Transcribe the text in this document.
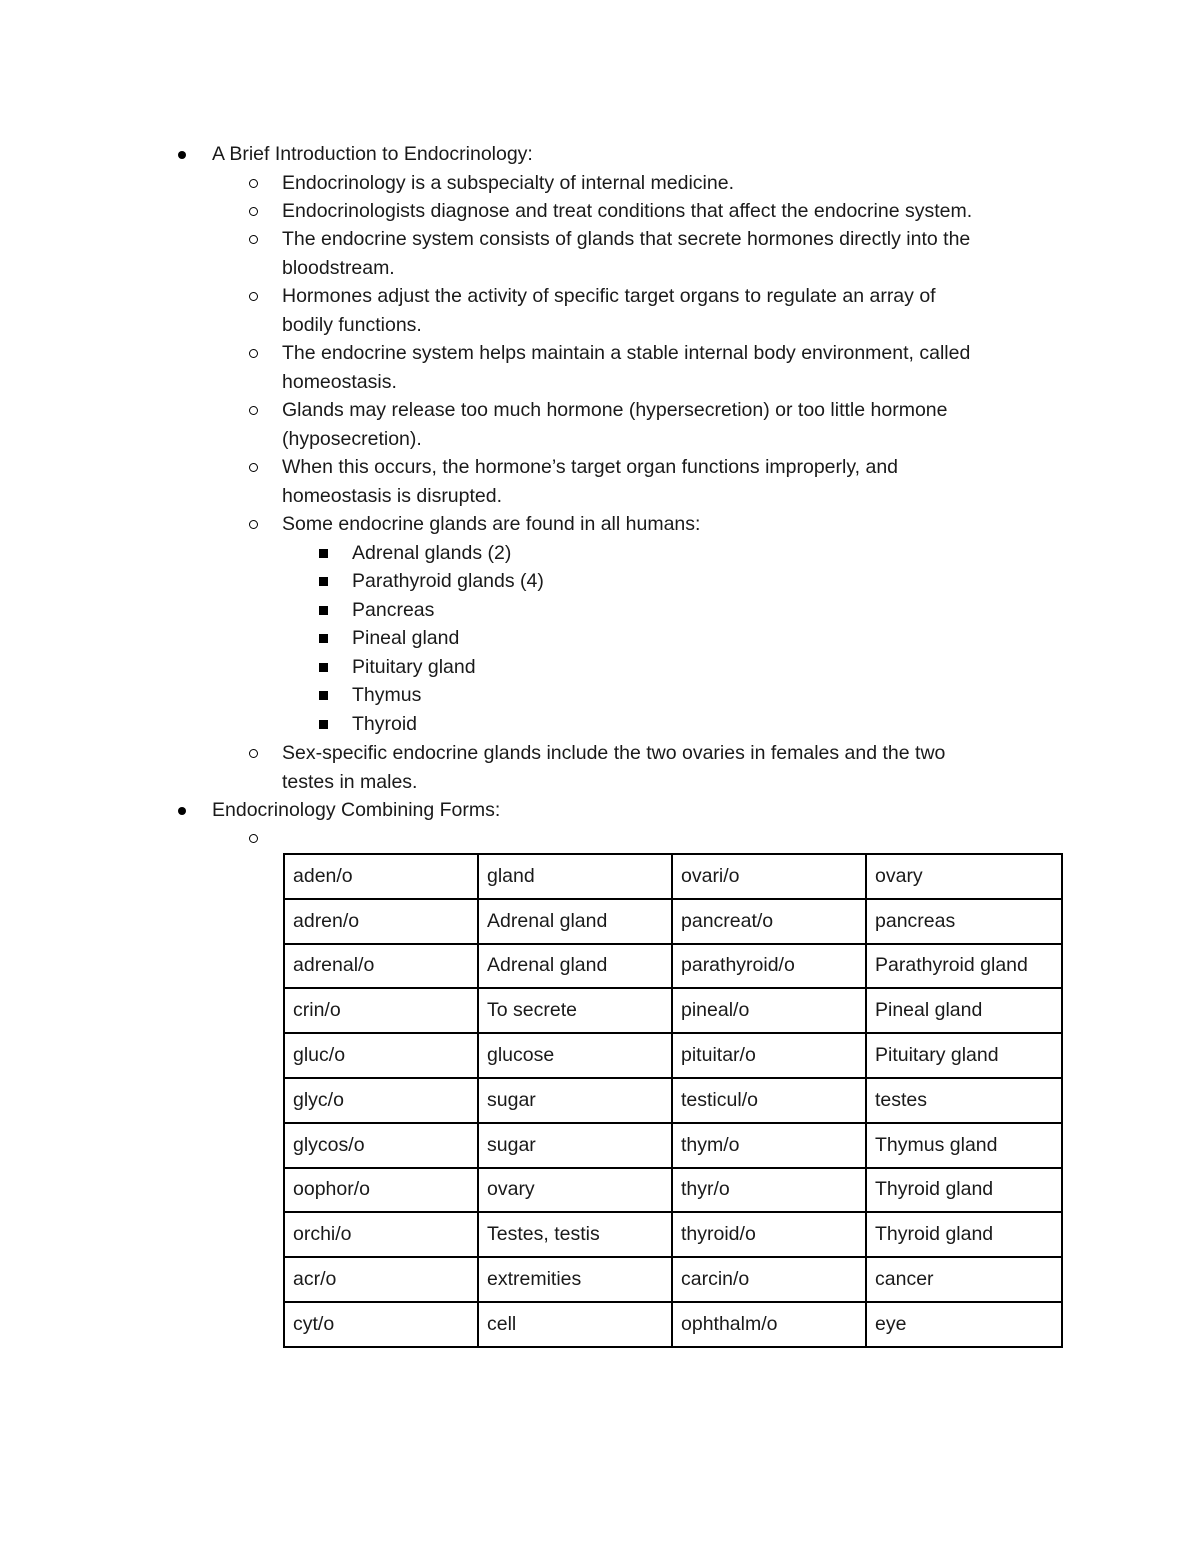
A Brief Introduction to Endocrinology:
Endocrinology is a subspecialty of internal medicine.
Endocrinologists diagnose and treat conditions that affect the endocrine system.
The endocrine system consists of glands that secrete hormones directly into the
bloodstream.
Hormones adjust the activity of specific target organs to regulate an array of
bodily functions.
The endocrine system helps maintain a stable internal body environment, called
homeostasis.
Glands may release too much hormone (hypersecretion) or too little hormone
(hyposecretion).
When this occurs, the hormone’s target organ functions improperly, and
homeostasis is disrupted.
Some endocrine glands are found in all humans:
Adrenal glands (2)
Parathyroid glands (4)
Pancreas
Pineal gland
Pituitary gland
Thymus
Thyroid
Sex-specific endocrine glands include the two ovaries in females and the two
testes in males.
Endocrinology Combining Forms:
aden/o	gland	ovari/o	ovary
adren/o	Adrenal gland	pancreat/o	pancreas
adrenal/o	Adrenal gland	parathyroid/o	Parathyroid gland
crin/o	To secrete	pineal/o	Pineal gland
gluc/o	glucose	pituitar/o	Pituitary gland
glyc/o	sugar	testicul/o	testes
glycos/o	sugar	thym/o	Thymus gland
oophor/o	ovary	thyr/o	Thyroid gland
orchi/o	Testes, testis	thyroid/o	Thyroid gland
acr/o	extremities	carcin/o	cancer
cyt/o	cell	ophthalm/o	eye
